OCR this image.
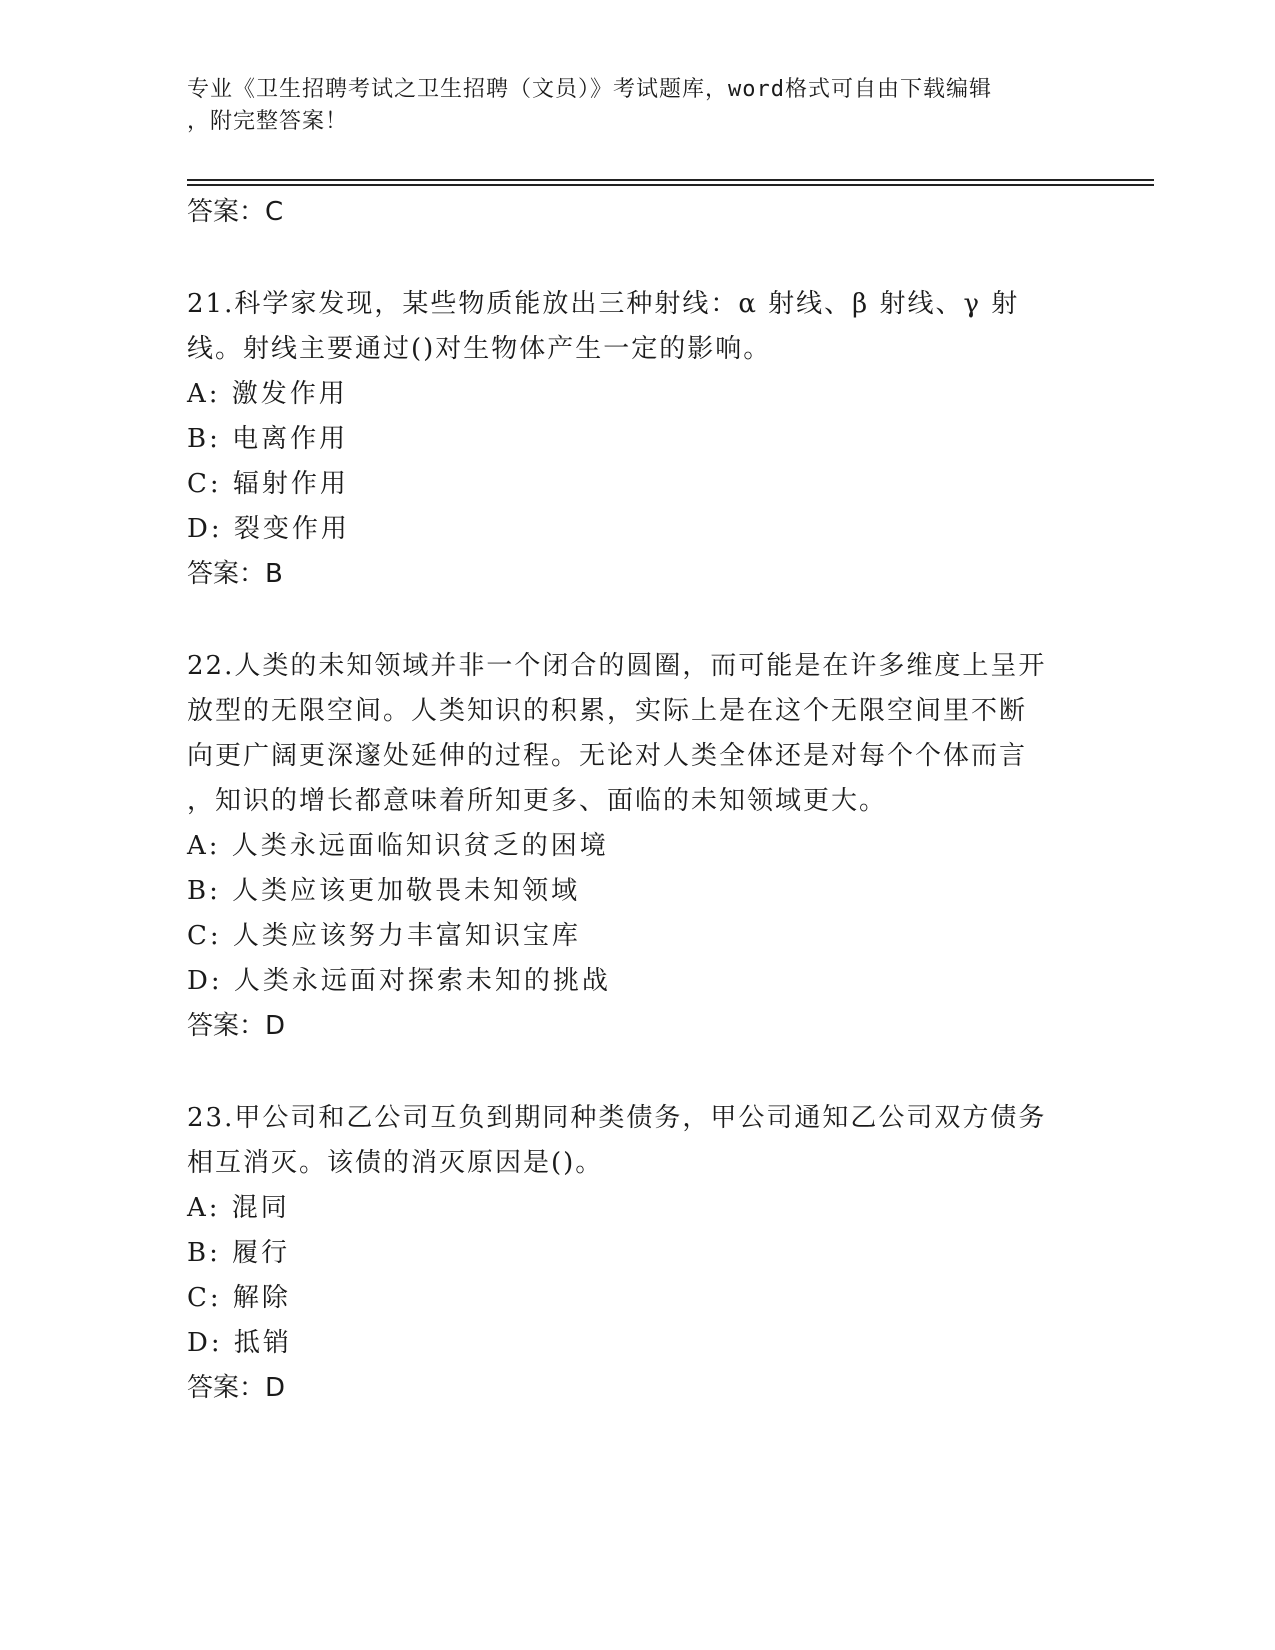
专业《卫生招聘考试之卫生招聘（文员）》考试题库，word格式可自由下载编辑
，附完整答案！
答案：C
21.科学家发现，某些物质能放出三种射线：α 射线、β 射线、γ 射
线。射线主要通过()对生物体产生一定的影响。
A: 激发作用
B: 电离作用
C: 辐射作用
D: 裂变作用
答案：B
22.人类的未知领域并非一个闭合的圆圈，而可能是在许多维度上呈开
放型的无限空间。人类知识的积累，实际上是在这个无限空间里不断
向更广阔更深邃处延伸的过程。无论对人类全体还是对每个个体而言
，知识的增长都意味着所知更多、面临的未知领域更大。
A: 人类永远面临知识贫乏的困境
B: 人类应该更加敬畏未知领域
C: 人类应该努力丰富知识宝库
D: 人类永远面对探索未知的挑战
答案：D
23.甲公司和乙公司互负到期同种类债务，甲公司通知乙公司双方债务
相互消灭。该债的消灭原因是()。
A: 混同
B: 履行
C: 解除
D: 抵销
答案：D
